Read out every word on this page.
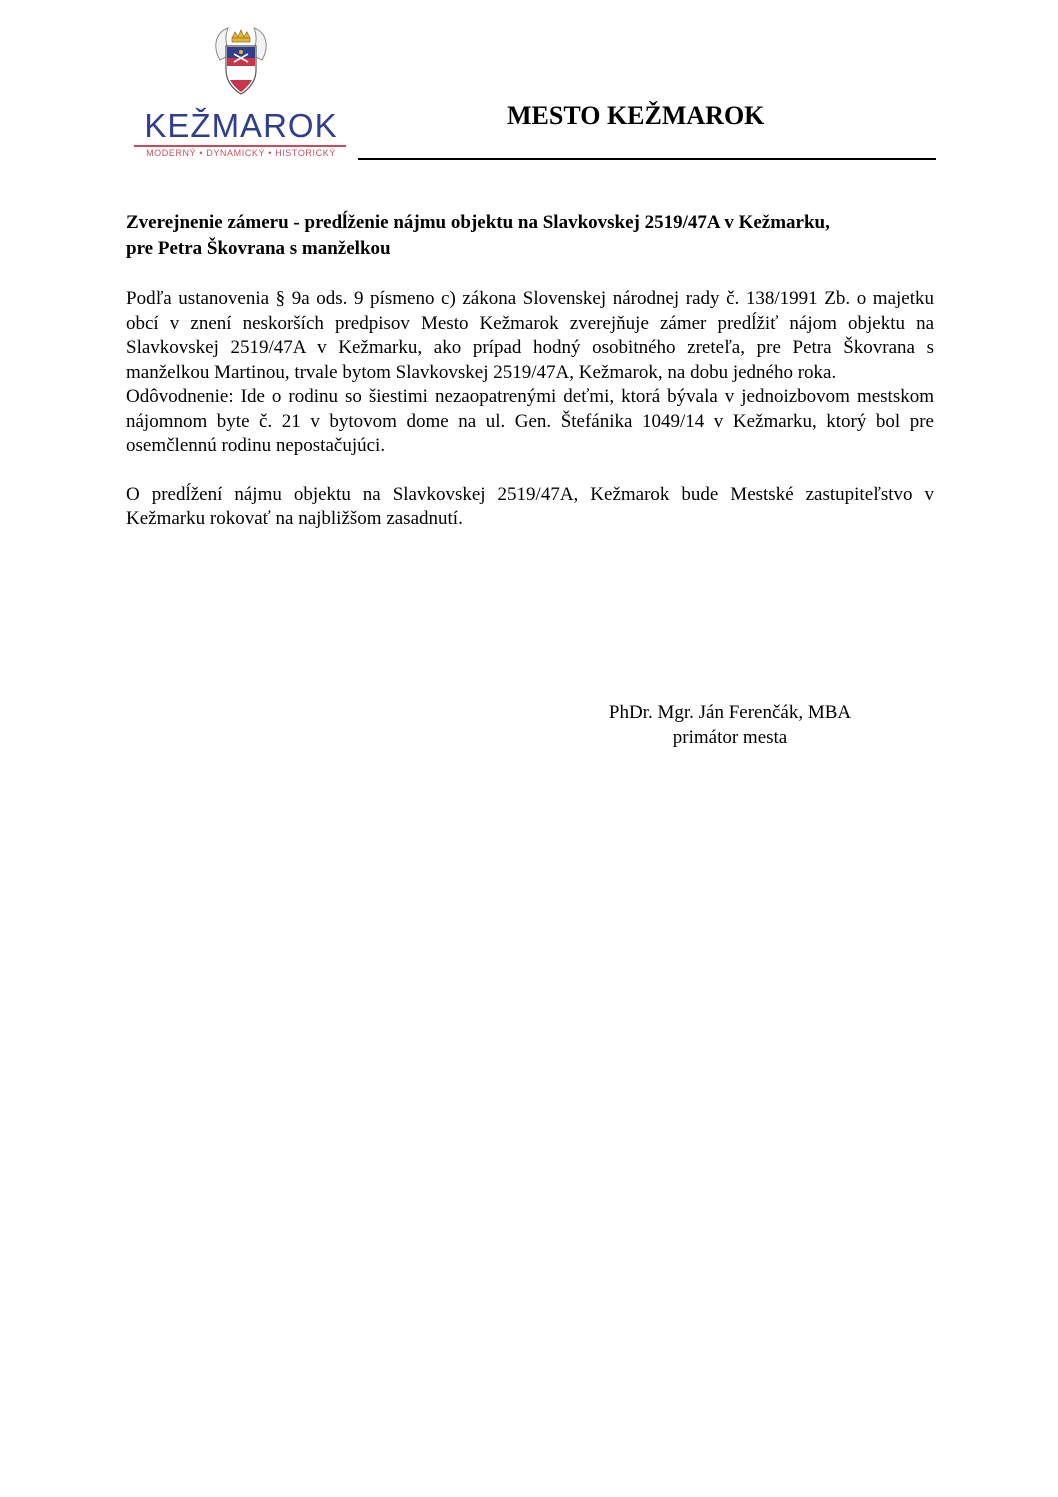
KEŽMAROK
MODERNÝ • DYNAMICKÝ • HISTORICKÝ
MESTO KEŽMAROK
Zverejnenie zámeru - predĺženie nájmu objektu na Slavkovskej 2519/47A v Kežmarku,
pre Petra Škovrana s manželkou

Podľa ustanovenia § 9a ods. 9 písmeno c) zákona Slovenskej národnej rady č. 138/1991 Zb. o majetku obcí v znení neskorších predpisov Mesto Kežmarok zverejňuje zámer predĺžiť nájom objektu na Slavkovskej 2519/47A v Kežmarku, ako prípad hodný osobitného zreteľa, pre Petra Škovrana s manželkou Martinou, trvale bytom Slavkovskej 2519/47A, Kežmarok, na dobu jedného roka.

Odôvodnenie: Ide o rodinu so šiestimi nezaopatrenými deťmi, ktorá bývala v jednoizbovom mestskom nájomnom byte č. 21 v bytovom dome na ul. Gen. Štefánika 1049/14 v Kežmarku, ktorý bol pre osemčlennú rodinu nepostačujúci.

O predĺžení nájmu objektu na Slavkovskej 2519/47A, Kežmarok bude Mestské zastupiteľstvo v Kežmarku rokovať na najbližšom zasadnutí.

PhDr. Mgr. Ján Ferenčák, MBA
primátor mesta
